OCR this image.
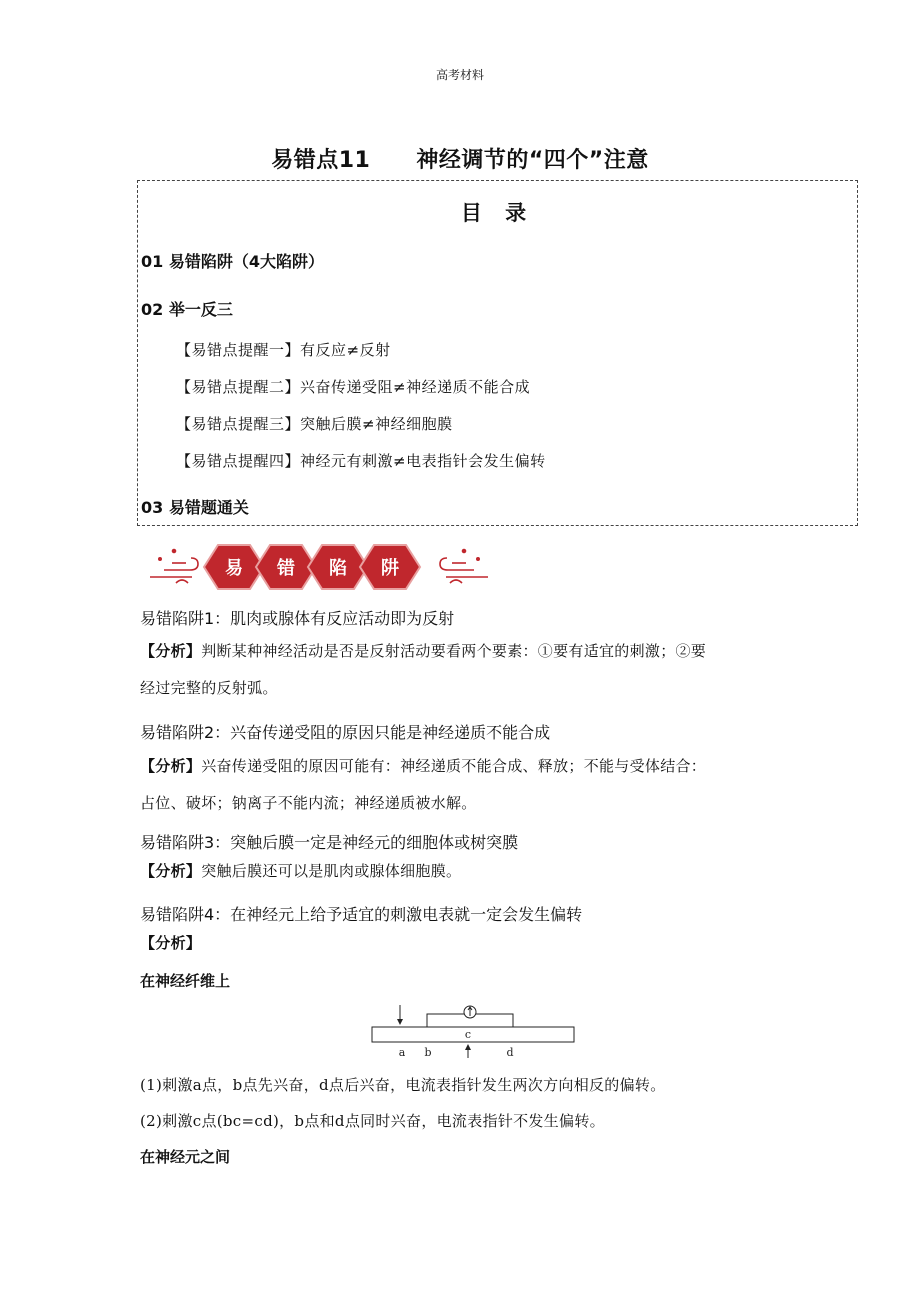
高考材料
易错点11 神经调节的“四个”注意
目 录
01 易错陷阱（4大陷阱）
02 举一反三
【易错点提醒一】有反应≠反射
【易错点提醒二】兴奋传递受阻≠神经递质不能合成
【易错点提醒三】突触后膜≠神经细胞膜
【易错点提醒四】神经元有刺激≠电表指针会发生偏转
03 易错题通关
易 错 陷 阱
易错陷阱1：肌肉或腺体有反应活动即为反射
【分析】判断某种神经活动是否是反射活动要看两个要素：①要有适宜的刺激；②要
经过完整的反射弧。
易错陷阱2：兴奋传递受阻的原因只能是神经递质不能合成
【分析】兴奋传递受阻的原因可能有：神经递质不能合成、释放；不能与受体结合：
占位、破坏；钠离子不能内流；神经递质被水解。
易错陷阱3：突触后膜一定是神经元的细胞体或树突膜
【分析】突触后膜还可以是肌肉或腺体细胞膜。
易错陷阱4：在神经元上给予适宜的刺激电表就一定会发生偏转
【分析】
在神经纤维上
c
a b	d
(1)刺激a点，b点先兴奋，d点后兴奋，电流表指针发生两次方向相反的偏转。
(2)刺激c点(bc=cd)，b点和d点同时兴奋，电流表指针不发生偏转。
在神经元之间
